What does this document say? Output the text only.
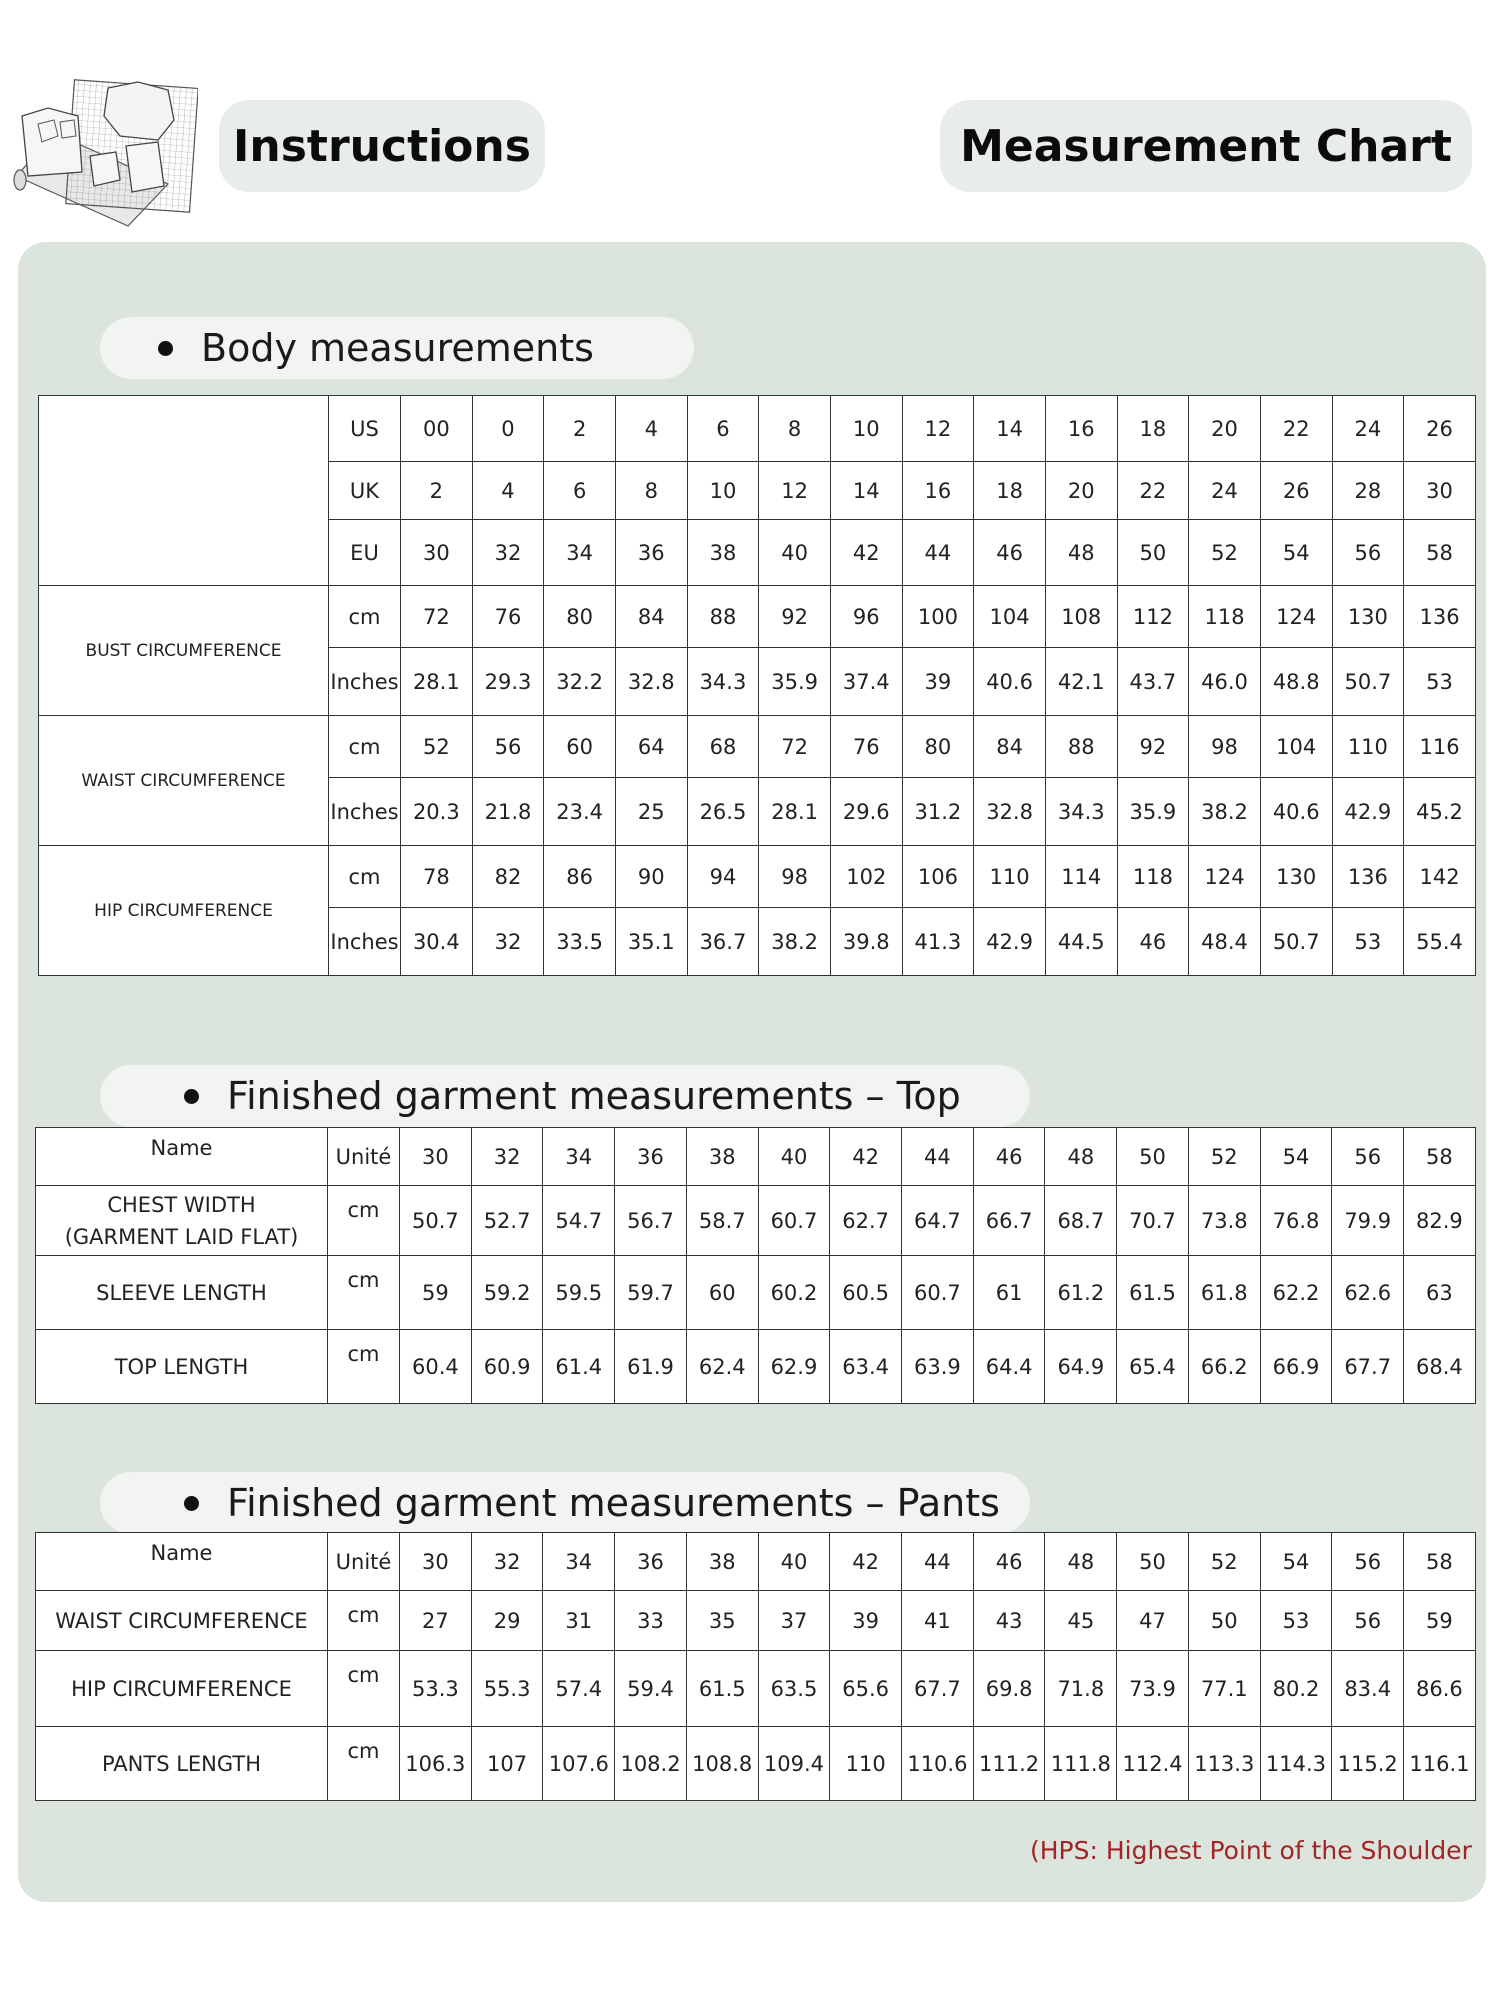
Instructions	Measurement Chart
Body measurements
	US	00	0	2	4	6	8	10	12	14	16	18	20	22	24	26
	UK	2	4	6	8	10	12	14	16	18	20	22	24	26	28	30
	EU	30	32	34	36	38	40	42	44	46	48	50	52	54	56	58
BUST CIRCUMFERENCE	cm	72	76	80	84	88	92	96	100	104	108	112	118	124	130	136
	Inches	28.1	29.3	32.2	32.8	34.3	35.9	37.4	39	40.6	42.1	43.7	46.0	48.8	50.7	53
WAIST CIRCUMFERENCE	cm	52	56	60	64	68	72	76	80	84	88	92	98	104	110	116
	Inches	20.3	21.8	23.4	25	26.5	28.1	29.6	31.2	32.8	34.3	35.9	38.2	40.6	42.9	45.2
HIP CIRCUMFERENCE	cm	78	82	86	90	94	98	102	106	110	114	118	124	130	136	142
	Inches	30.4	32	33.5	35.1	36.7	38.2	39.8	41.3	42.9	44.5	46	48.4	50.7	53	55.4
Finished garment measurements – Top
Name	Unité	30	32	34	36	38	40	42	44	46	48	50	52	54	56	58
CHEST WIDTH (GARMENT LAID FLAT)	cm	50.7	52.7	54.7	56.7	58.7	60.7	62.7	64.7	66.7	68.7	70.7	73.8	76.8	79.9	82.9
SLEEVE LENGTH	cm	59	59.2	59.5	59.7	60	60.2	60.5	60.7	61	61.2	61.5	61.8	62.2	62.6	63
TOP LENGTH	cm	60.4	60.9	61.4	61.9	62.4	62.9	63.4	63.9	64.4	64.9	65.4	66.2	66.9	67.7	68.4
Finished garment measurements – Pants
Name	Unité	30	32	34	36	38	40	42	44	46	48	50	52	54	56	58
WAIST CIRCUMFERENCE	cm	27	29	31	33	35	37	39	41	43	45	47	50	53	56	59
HIP CIRCUMFERENCE	cm	53.3	55.3	57.4	59.4	61.5	63.5	65.6	67.7	69.8	71.8	73.9	77.1	80.2	83.4	86.6
PANTS LENGTH	cm	106.3	107	107.6	108.2	108.8	109.4	110	110.6	111.2	111.8	112.4	113.3	114.3	115.2	116.1
(HPS: Highest Point of the Shoulder
